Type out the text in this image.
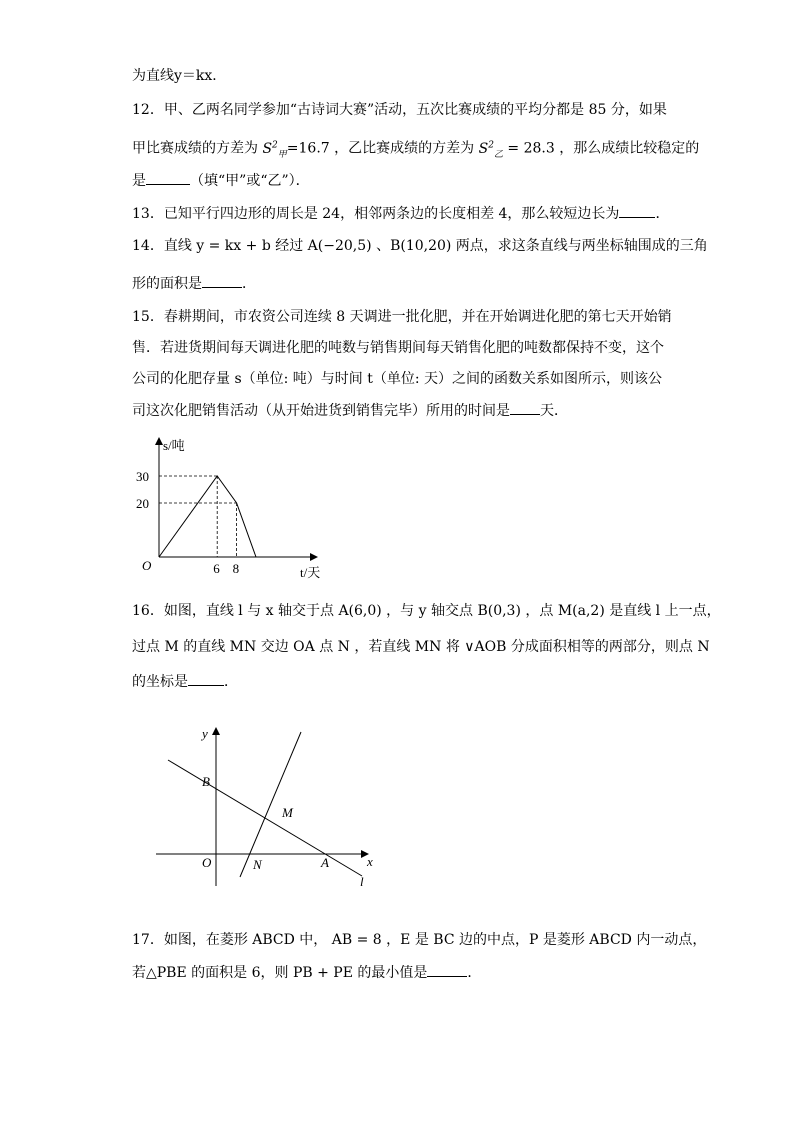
为直线y＝kx．
12．甲、乙两名同学参加“古诗词大赛”活动，五次比赛成绩的平均分都是 85 分，如果
甲比赛成绩的方差为 $S^2_甲=16.7$ ，乙比赛成绩的方差为 $S^2_乙 = 28.3$ ，那么成绩比较稳定的
是	（填“甲”或“乙”）．
13．已知平行四边形的周长是 24，相邻两条边的长度相差 4，那么较短边长为	．
14．直线 y = kx + b 经过 A(−20,5) 、B(10,20) 两点，求这条直线与两坐标轴围成的三角
形的面积是	．
15．春耕期间，市农资公司连续 8 天调进一批化肥，并在开始调进化肥的第七天开始销
售．若进货期间每天调进化肥的吨数与销售期间每天销售化肥的吨数都保持不变，这个
公司的化肥存量 s（单位: 吨）与时间 t（单位: 天）之间的函数关系如图所示，则该公
司这次化肥销售活动（从开始进货到销售完毕）所用的时间是 天．
30
20
6 8
O
s/吨
t/天
16．如图，直线 l 与 x 轴交于点 A(6,0) ，与 y 轴交点 B(0,3) ，点 M(a,2) 是直线 l 上一点，
过点 M 的直线 MN 交边 OA 点 N ，若直线 MN 将 ∨AOB 分成面积相等的两部分，则点 N
的坐标是	．
y
x
O
B
M
N	A
l
17．如图，在菱形 ABCD 中， AB = 8 ，E 是 BC 边的中点，P 是菱形 ABCD 内一动点，
若△PBE 的面积是 6，则 PB + PE 的最小值是	．
